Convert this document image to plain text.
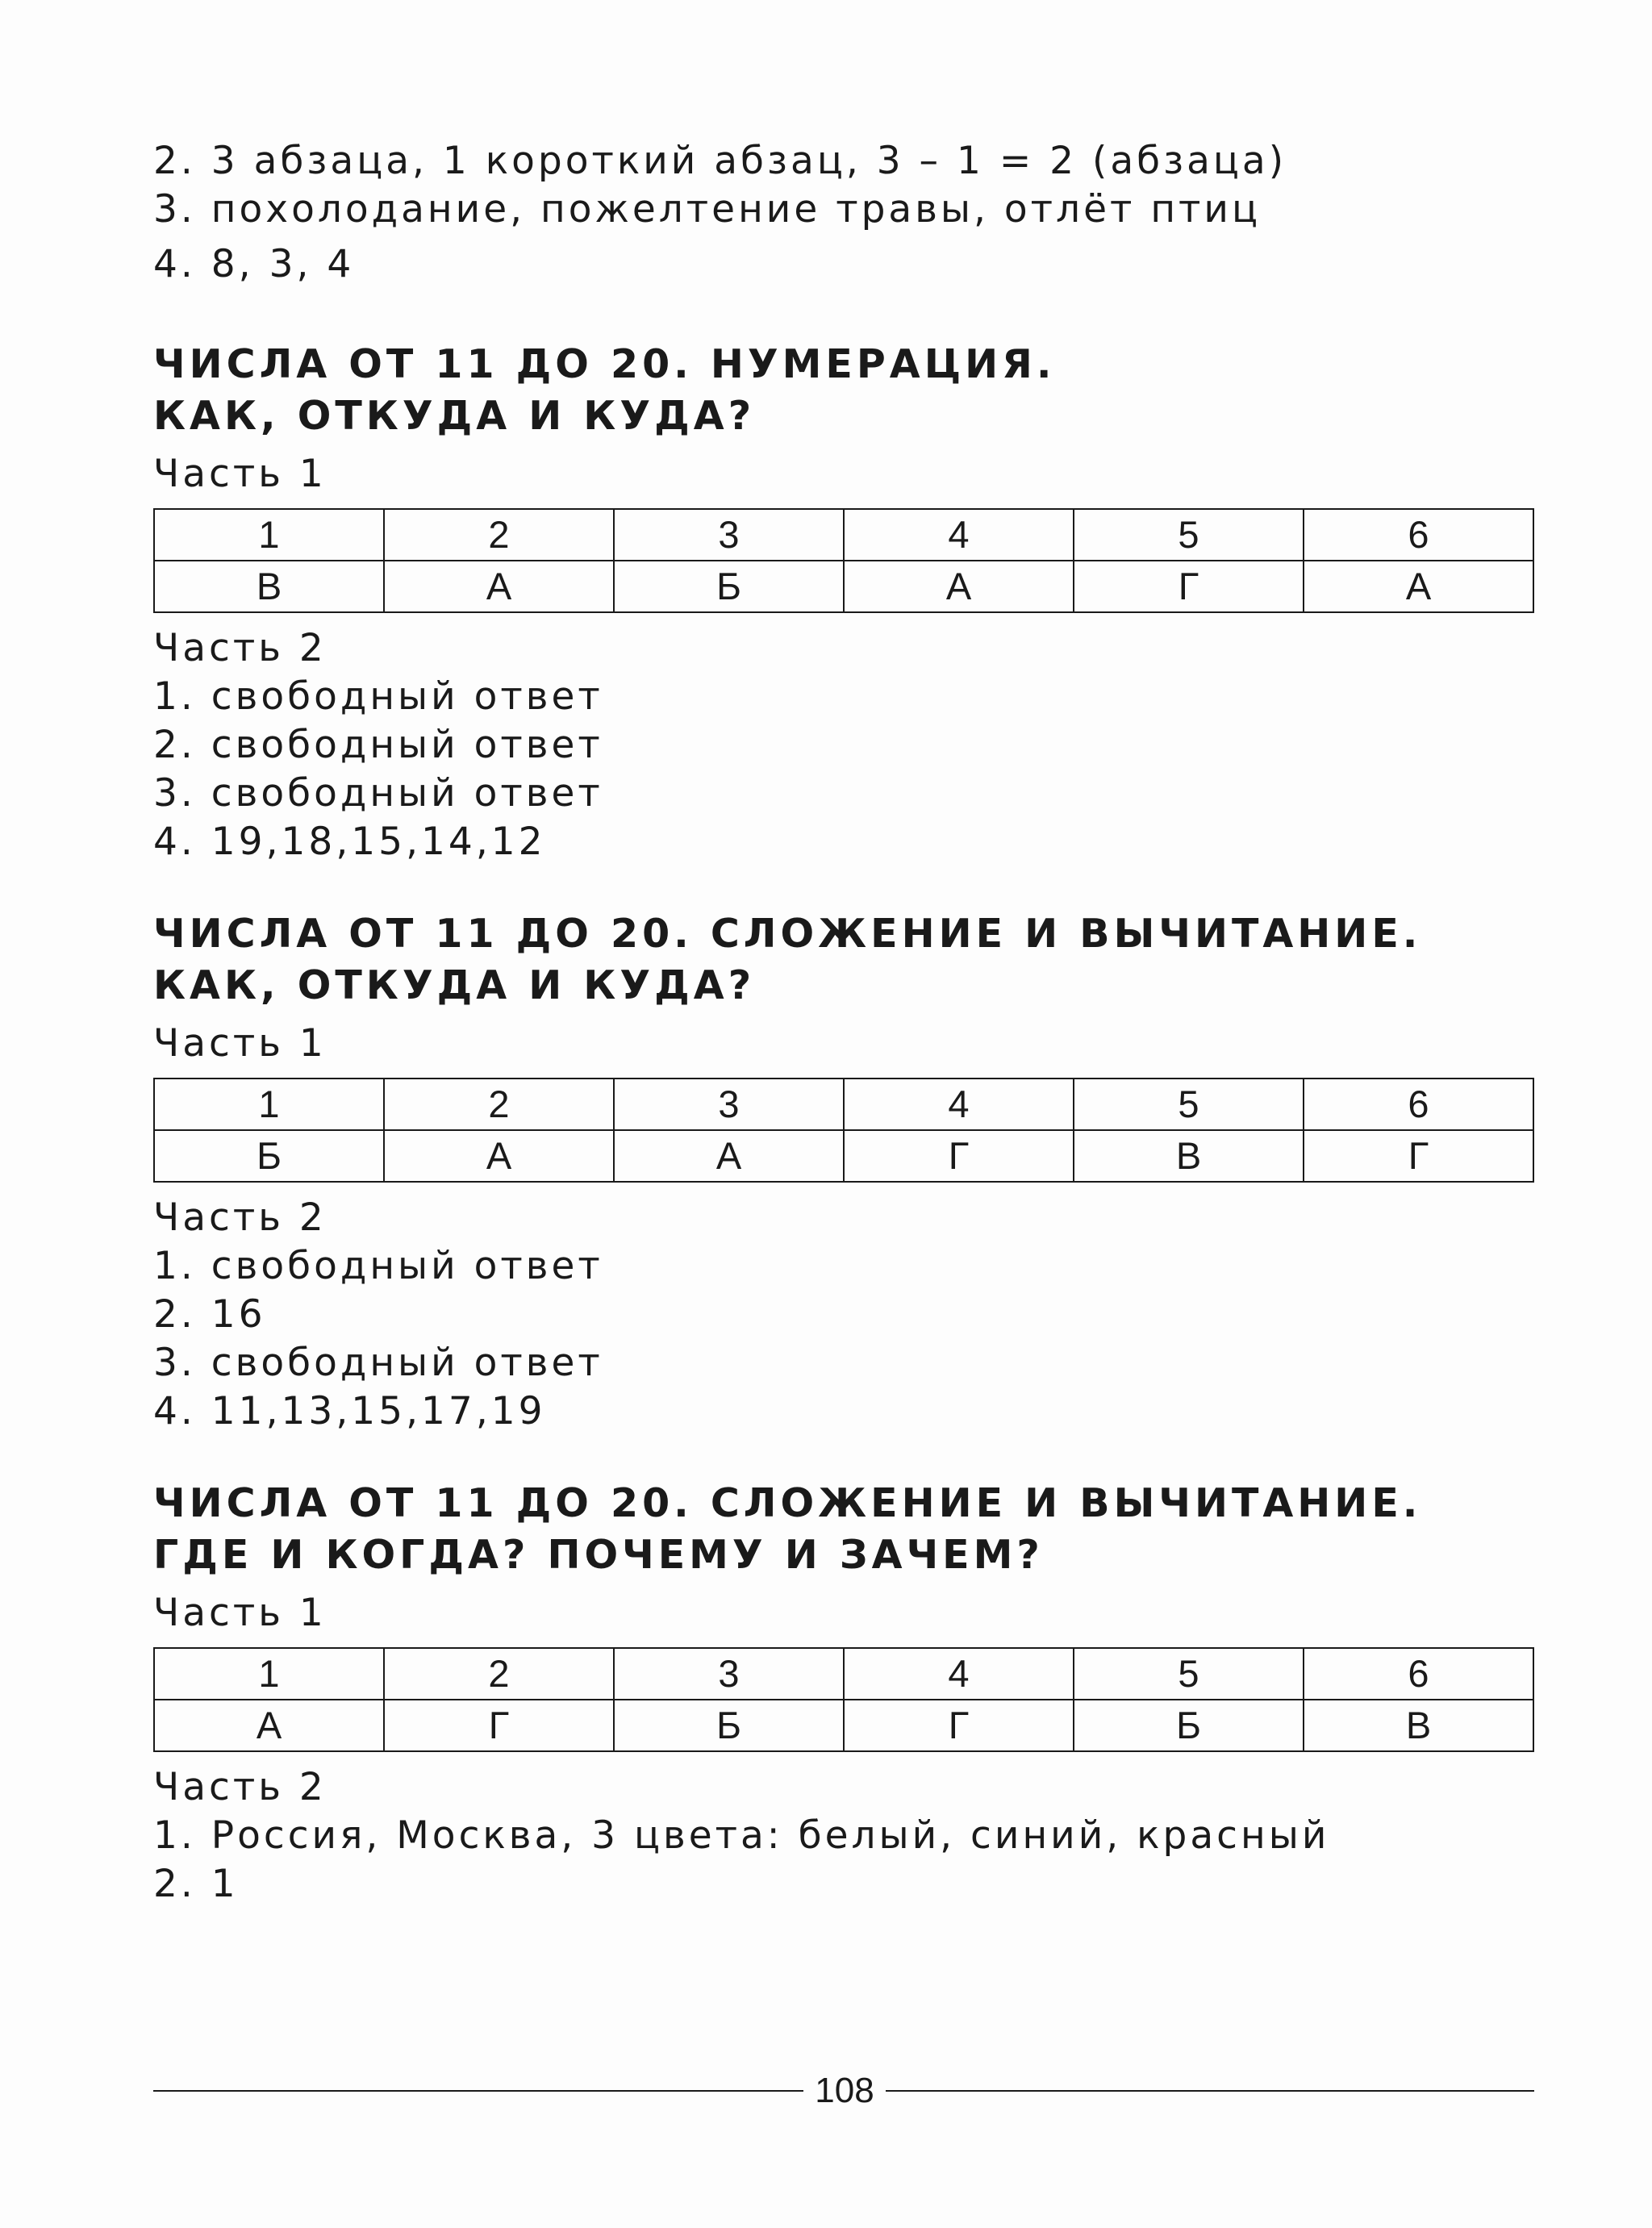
2. 3 абзаца, 1 короткий абзац, 3 – 1 = 2 (абзаца)
3. похолодание, пожелтение травы, отлёт птиц
4. 8, 3, 4
ЧИСЛА ОТ 11 ДО 20. НУМЕРАЦИЯ.
КАК, ОТКУДА И КУДА?
Часть 1
1	2	3	4	5	6
В	А	Б	А	Г	А
Часть 2
1. свободный ответ
2. свободный ответ
3. свободный ответ
4. 19,18,15,14,12
ЧИСЛА ОТ 11 ДО 20. СЛОЖЕНИЕ И ВЫЧИТАНИЕ.
КАК, ОТКУДА И КУДА?
Часть 1
1	2	3	4	5	6
Б	А	А	Г	В	Г
Часть 2
1. свободный ответ
2. 16
3. свободный ответ
4. 11,13,15,17,19
ЧИСЛА ОТ 11 ДО 20. СЛОЖЕНИЕ И ВЫЧИТАНИЕ.
ГДЕ И КОГДА? ПОЧЕМУ И ЗАЧЕМ?
Часть 1
1	2	3	4	5	6
А	Г	Б	Г	Б	В
Часть 2
1. Россия, Москва, 3 цвета: белый, синий, красный
2. 1
108
